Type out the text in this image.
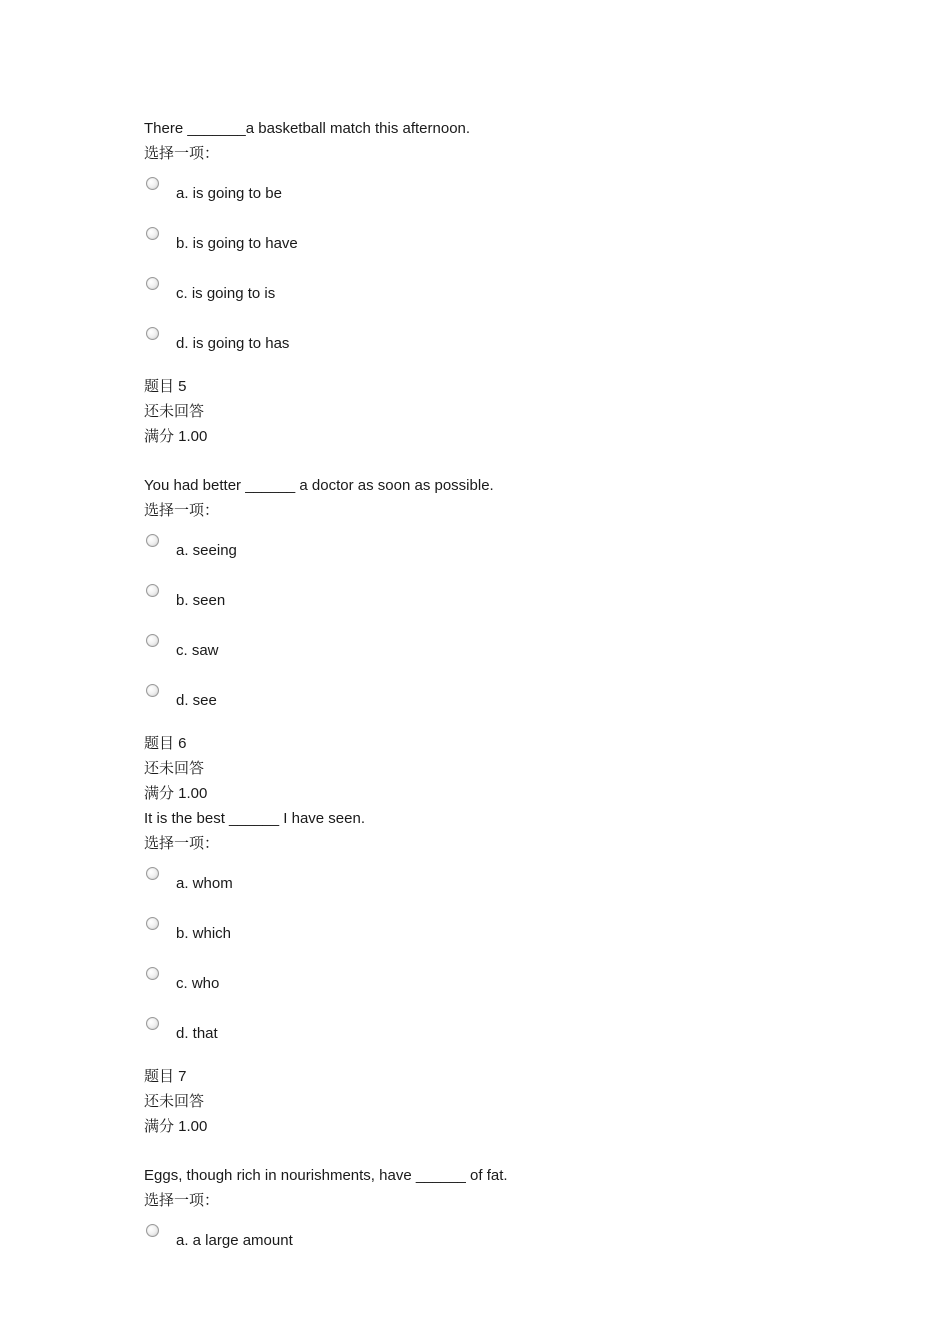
There _______a basketball match this afternoon.
选择一项：
a. is going to be
b. is going to have
c. is going to is
d. is going to has
题目 5
还未回答
满分 1.00
You had better ______ a doctor as soon as possible.
选择一项：
a. seeing
b. seen
c. saw
d. see
题目 6
还未回答
满分 1.00
It is the best ______ I have seen.
选择一项：
a. whom
b. which
c. who
d. that
题目 7
还未回答
满分 1.00
Eggs, though rich in nourishments, have ______ of fat.
选择一项：
a. a large amount
